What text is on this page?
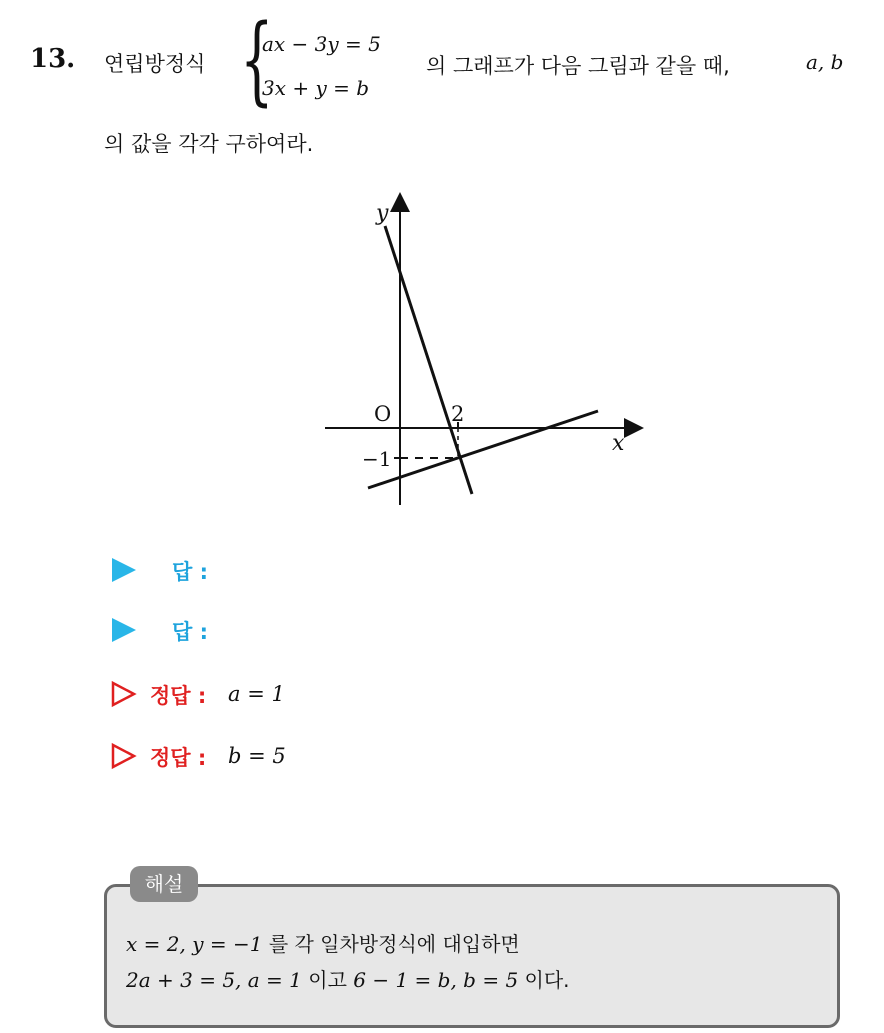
13. 연립방정식 {
ax − 3y = 5
3x + y = b
의 그래프가 다음 그림과 같을 때,	a, b
의 값을 각각 구하여라.
y
x
O	2
−1
답 :
답 :
정답 : a = 1
정답 : b = 5
해설
x = 2, y = −1 를 각 일차방정식에 대입하면
2a + 3 = 5, a = 1 이고 6 − 1 = b, b = 5 이다.
